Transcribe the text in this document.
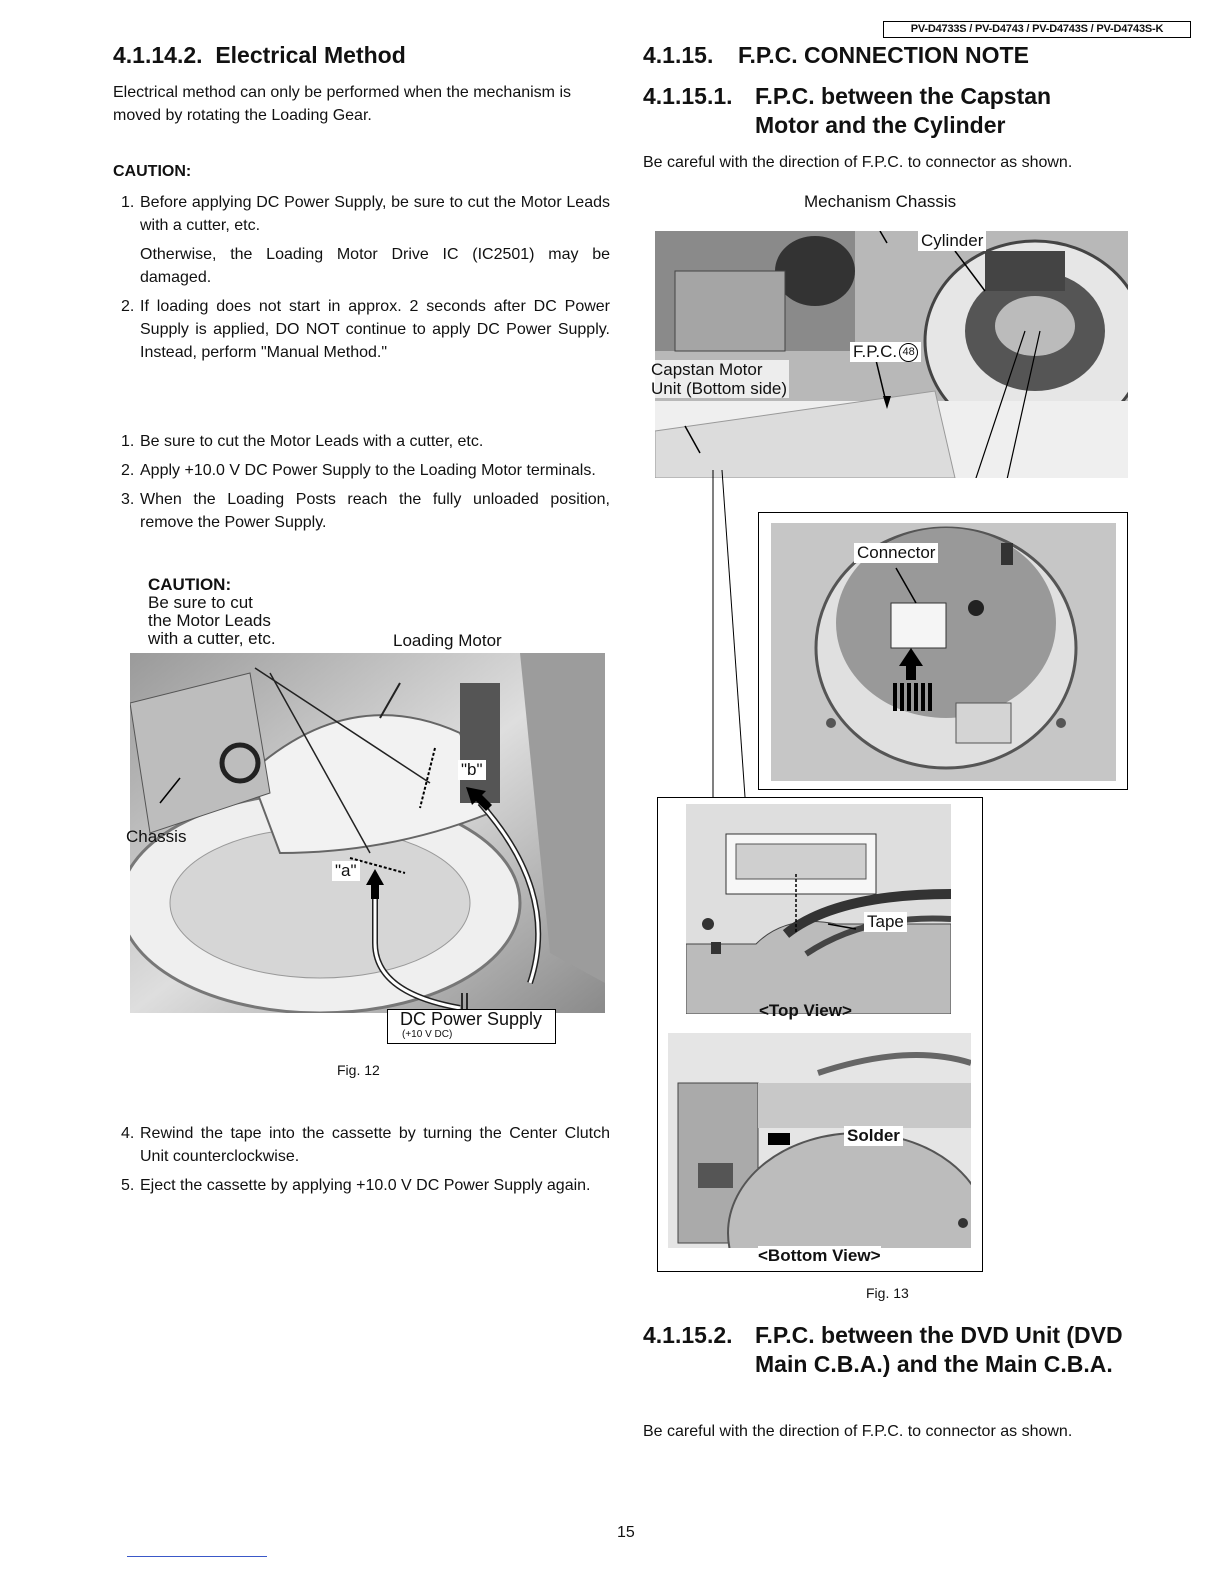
PV-D4733S / PV-D4743 / PV-D4743S / PV-D4743S-K
4.1.14.2. Electrical Method

Electrical method can only be performed when the mechanism is moved by rotating the Loading Gear.

CAUTION:
1. Before applying DC Power Supply, be sure to cut the Motor Leads with a cutter, etc.
Otherwise, the Loading Motor Drive IC (IC2501) may be damaged.
2. If loading does not start in approx. 2 seconds after DC Power Supply is applied, DO NOT continue to apply DC Power Supply. Instead, perform "Manual Method."
1. Be sure to cut the Motor Leads with a cutter, etc.
2. Apply +10.0 V DC Power Supply to the Loading Motor terminals.
3. When the Loading Posts reach the fully unloaded position, remove the Power Supply.
CAUTION:
Be sure to cut
the Motor Leads
with a cutter, etc.	Loading Motor
"b"
Chassis
"a"
DC Power Supply
(+10 V DC)
Fig. 12
4. Rewind the tape into the cassette by turning the Center Clutch Unit counterclockwise.
5. Eject the cassette by applying +10.0 V DC Power Supply again.
4.1.15. F.P.C. CONNECTION NOTE
4.1.15.1. F.P.C. between the Capstan Motor and the Cylinder

Be careful with the direction of F.P.C. to connector as shown.

Mechanism Chassis
Cylinder
F.P.C. 48
Capstan Motor
Unit (Bottom side)
Connector
<Top View>
<Bottom View>
Tape
Solder
Fig. 13
4.1.15.2. F.P.C. between the DVD Unit (DVD Main C.B.A.) and the Main C.B.A.

Be careful with the direction of F.P.C. to connector as shown.

15
